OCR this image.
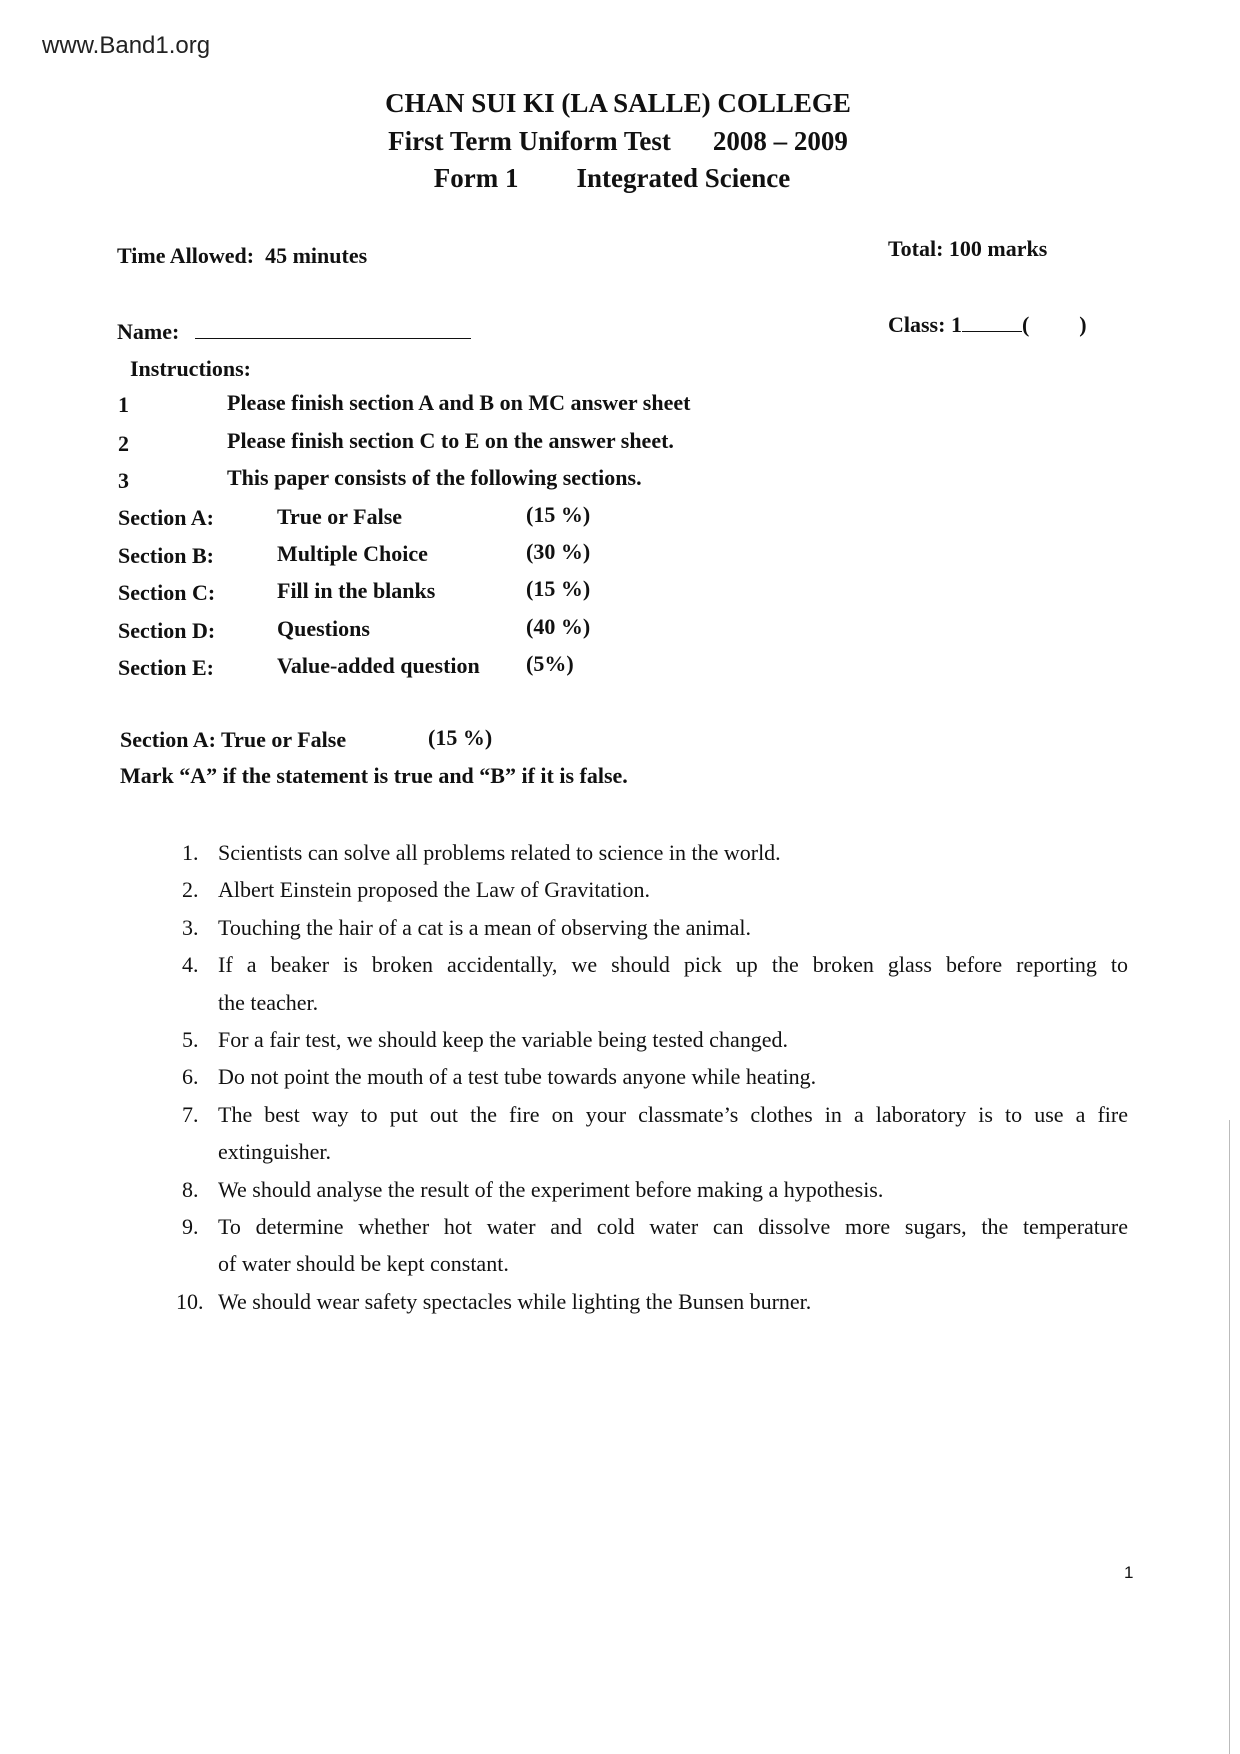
www.Band1.org
CHAN SUI KI (LA SALLE) COLLEGE
First Term Uniform Test 2008 – 2009
Form 1 Integrated Science
Time Allowed: 45 minutes	Total: 100 marks
Name:	Class: 1	( )
Instructions:
1	Please finish section A and B on MC answer sheet
2	Please finish section C to E on the answer sheet.
3	This paper consists of the following sections.
Section A:	True or False	(15 %)
Section B:	Multiple Choice	(30 %)
Section C:	Fill in the blanks	(15 %)
Section D:	Questions	(40 %)
Section E:	Value-added question (5%)
Section A: True or False	(15 %)
Mark “A” if the statement is true and “B” if it is false.
1. Scientists can solve all problems related to science in the world.
2. Albert Einstein proposed the Law of Gravitation.
3. Touching the hair of a cat is a mean of observing the animal.
4. If a beaker is broken accidentally, we should pick up the broken glass before reporting to
the teacher.
5. For a fair test, we should keep the variable being tested changed.
6. Do not point the mouth of a test tube towards anyone while heating.
7. The best way to put out the fire on your classmate’s clothes in a laboratory is to use a fire
extinguisher.
8. We should analyse the result of the experiment before making a hypothesis.
9. To determine whether hot water and cold water can dissolve more sugars, the temperature
of water should be kept constant.
10. We should wear safety spectacles while lighting the Bunsen burner.
1
